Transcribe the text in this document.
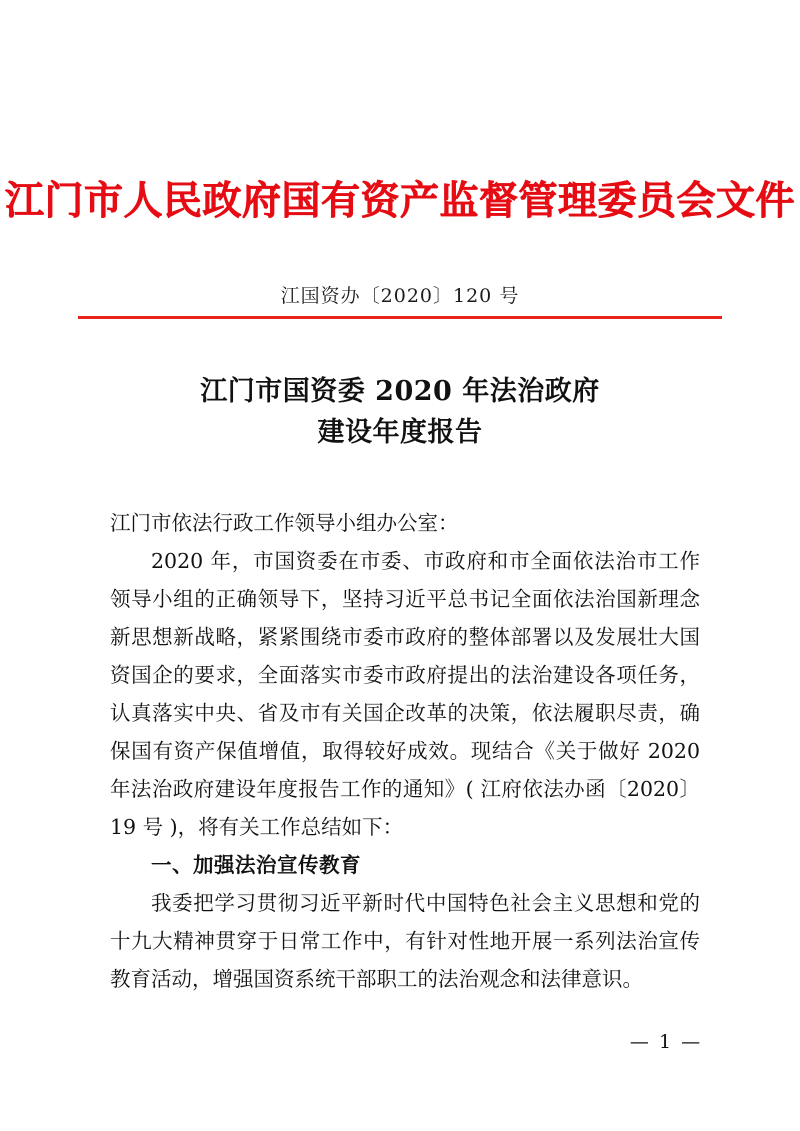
江门市人民政府国有资产监督管理委员会文件
江国资办〔2020〕120 号
江门市国资委 2020 年法治政府
建设年度报告

江门市依法行政工作领导小组办公室：

2020 年，市国资委在市委、市政府和市全面依法治市工作领导小组的正确领导下，坚持习近平总书记全面依法治国新理念新思想新战略，紧紧围绕市委市政府的整体部署以及发展壮大国资国企的要求，全面落实市委市政府提出的法治建设各项任务，认真落实中央、省及市有关国企改革的决策，依法履职尽责，确保国有资产保值增值，取得较好成效。现结合《关于做好 2020 年法治政府建设年度报告工作的通知》( 江府依法办函〔2020〕19 号 )，将有关工作总结如下：

一、加强法治宣传教育

我委把学习贯彻习近平新时代中国特色社会主义思想和党的十九大精神贯穿于日常工作中，有针对性地开展一系列法治宣传教育活动，增强国资系统干部职工的法治观念和法律意识。

— 1 —
